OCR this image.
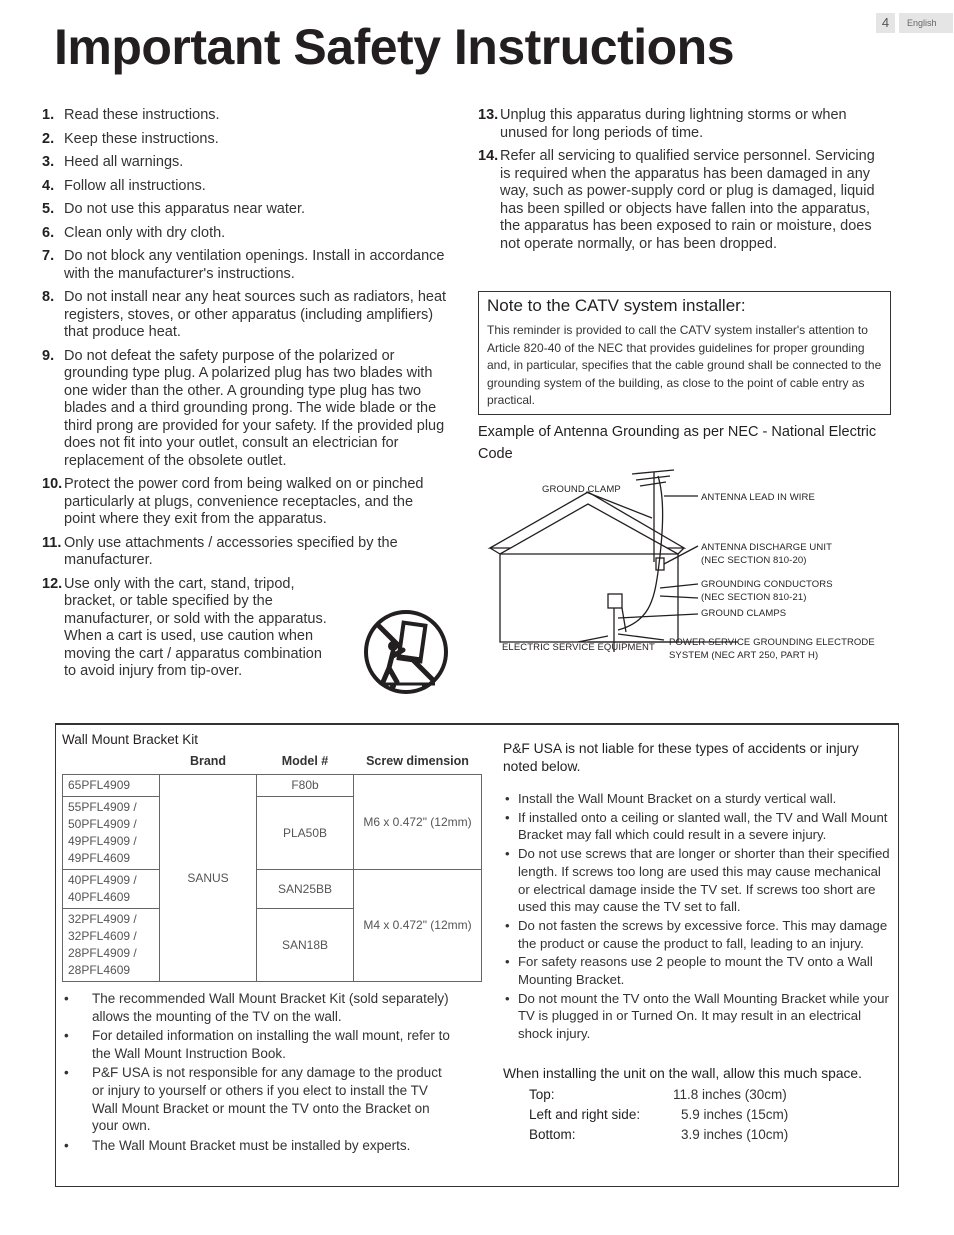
Important Safety Instructions	4	English
1. Read these instructions.
2. Keep these instructions.
3. Heed all warnings.
4. Follow all instructions.
5. Do not use this apparatus near water.
6. Clean only with dry cloth.
7. Do not block any ventilation openings. Install in accordance with the manufacturer's instructions.
8. Do not install near any heat sources such as radiators, heat registers, stoves, or other apparatus (including amplifiers) that produce heat.
9. Do not defeat the safety purpose of the polarized or grounding type plug. A polarized plug has two blades with one wider than the other. A grounding type plug has two blades and a third grounding prong. The wide blade or the third prong are provided for your safety. If the provided plug does not fit into your outlet, consult an electrician for replacement of the obsolete outlet.
10. Protect the power cord from being walked on or pinched particularly at plugs, convenience receptacles, and the point where they exit from the apparatus.
11. Only use attachments / accessories specified by the manufacturer.
12. Use only with the cart, stand, tripod, bracket, or table specified by the manufacturer, or sold with the apparatus. When a cart is used, use caution when moving the cart / apparatus combination to avoid injury from tip-over.
13. Unplug this apparatus during lightning storms or when unused for long periods of time.
14. Refer all servicing to qualified service personnel. Servicing is required when the apparatus has been damaged in any way, such as power-supply cord or plug is damaged, liquid has been spilled or objects have fallen into the apparatus, the apparatus has been exposed to rain or moisture, does not operate normally, or has been dropped.
Note to the CATV system installer:
This reminder is provided to call the CATV system installer's attention to Article 820-40 of the NEC that provides guidelines for proper grounding and, in particular, specifies that the cable ground shall be connected to the grounding system of the building, as close to the point of cable entry as practical.
Example of Antenna Grounding as per NEC - National Electric Code
GROUND CLAMP
ANTENNA LEAD IN WIRE
ANTENNA DISCHARGE UNIT
(NEC SECTION 810-20)
GROUNDING CONDUCTORS
(NEC SECTION 810-21)
GROUND CLAMPS
ELECTRIC SERVICE EQUIPMENT POWER SERVICE GROUNDING ELECTRODE
SYSTEM (NEC ART 250, PART H)
Wall Mount Bracket Kit
	Brand	Model #	Screw dimension
65PFL4909	SANUS	F80b	M6 x 0.472" (12mm)
55PFL4909 / 50PFL4909 / 49PFL4909 / 49PFL4609		PLA50B	
40PFL4909 / 40PFL4609		SAN25BB	M4 x 0.472" (12mm)
32PFL4909 / 32PFL4609 / 28PFL4909 / 28PFL4609		SAN18B	
• The recommended Wall Mount Bracket Kit (sold separately) allows the mounting of the TV on the wall.
• For detailed information on installing the wall mount, refer to the Wall Mount Instruction Book.
• P&F USA is not responsible for any damage to the product or injury to yourself or others if you elect to install the TV Wall Mount Bracket or mount the TV onto the Bracket on your own.
• The Wall Mount Bracket must be installed by experts.
P&F USA is not liable for these types of accidents or injury noted below.
• Install the Wall Mount Bracket on a sturdy vertical wall.
• If installed onto a ceiling or slanted wall, the TV and Wall Mount Bracket may fall which could result in a severe injury.
• Do not use screws that are longer or shorter than their specified length. If screws too long are used this may cause mechanical or electrical damage inside the TV set. If screws too short are used this may cause the TV set to fall.
• Do not fasten the screws by excessive force. This may damage the product or cause the product to fall, leading to an injury.
• For safety reasons use 2 people to mount the TV onto a Wall Mounting Bracket.
• Do not mount the TV onto the Wall Mounting Bracket while your TV is plugged in or Turned On. It may result in an electrical shock injury.
When installing the unit on the wall, allow this much space.
Top:	11.8 inches (30cm)
Left and right side:	5.9 inches (15cm)
Bottom:	3.9 inches (10cm)
